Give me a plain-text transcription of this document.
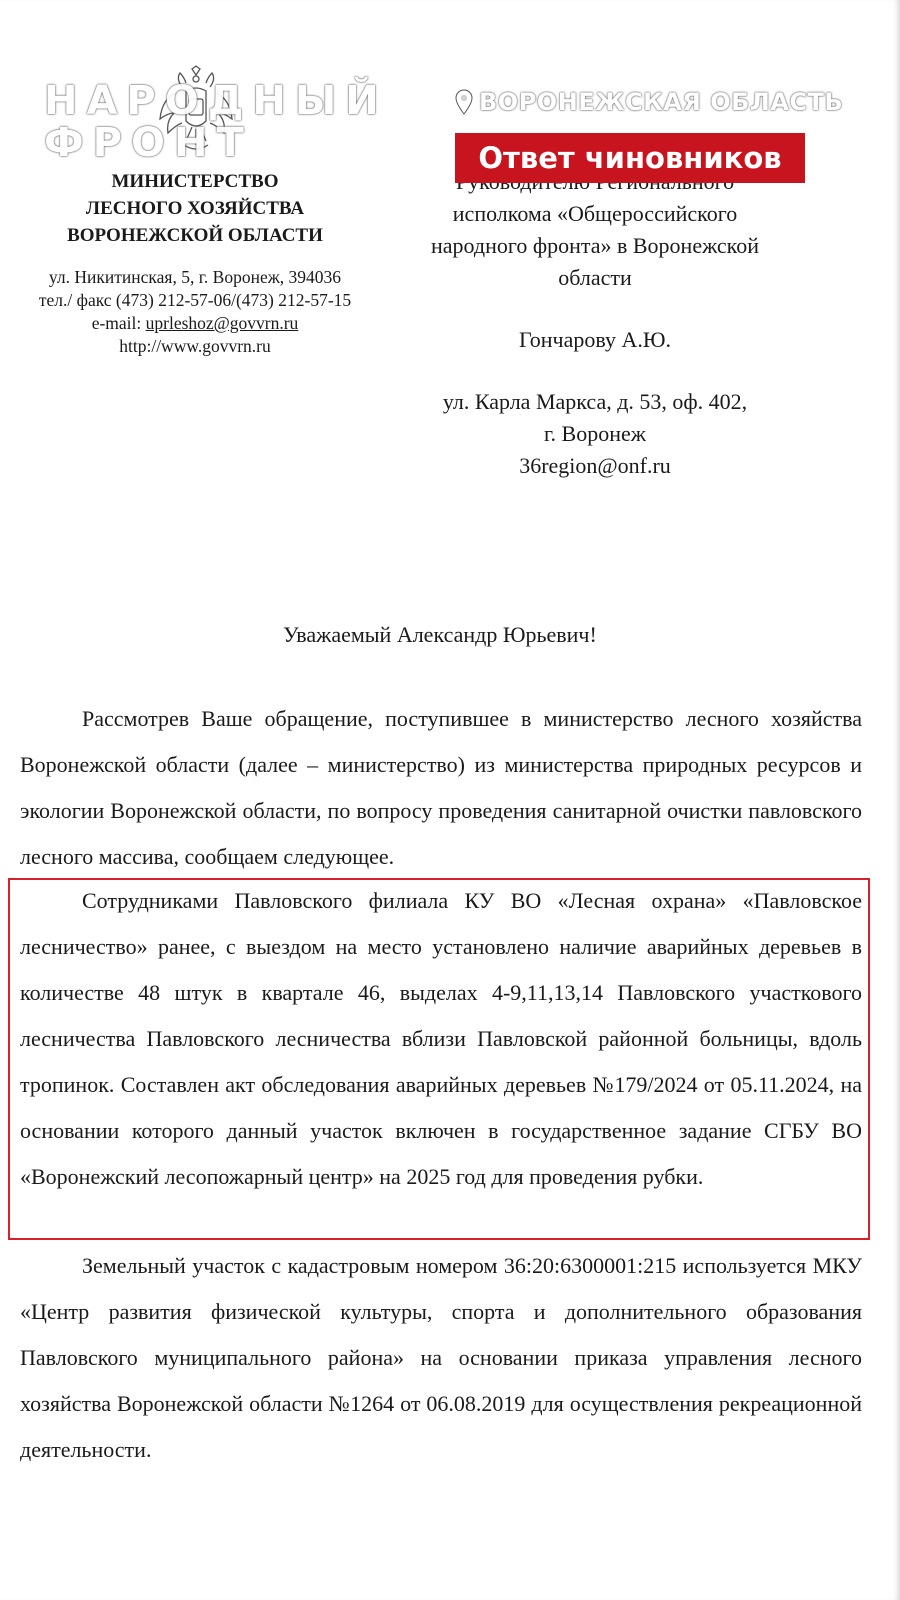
МИНИСТЕРСТВО
ЛЕСНОГО ХОЗЯЙСТВА
ВОРОНЕЖСКОЙ ОБЛАСТИ
ул. Никитинская, 5, г. Воронеж, 394036
тел./ факс (473) 212-57-06/(473) 212-57-15
e-mail: uprleshoz@govvrn.ru
http://www.govvrn.ru
исполкома «Общероссийского
народного фронта» в Воронежской
области
Гончарову А.Ю.
ул. Карла Маркса, д. 53, оф. 402,
г. Воронеж
36region@onf.ru
НАРОДНЫЙ
ФРОНТ
ВОРОНЕЖСКАЯ ОБЛАСТЬ
Ответ чиновников
Уважаемый Александр Юрьевич!
Рассмотрев Ваше обращение, поступившее в министерство лесного хозяйства Воронежской области (далее – министерство) из министерства природных ресурсов и экологии Воронежской области, по вопросу проведения санитарной очистки павловского лесного массива, сообщаем следующее.
Сотрудниками Павловского филиала КУ ВО «Лесная охрана» «Павловское лесничество» ранее, с выездом на место установлено наличие аварийных деревьев в количестве 48 штук в квартале 46, выделах 4-9,11,13,14 Павловского участкового лесничества Павловского лесничества вблизи Павловской районной больницы, вдоль тропинок. Составлен акт обследования аварийных деревьев №179/2024 от 05.11.2024, на основании которого данный участок включен в государственное задание СГБУ ВО «Воронежский лесопожарный центр» на 2025 год для проведения рубки.
Земельный участок с кадастровым номером 36:20:6300001:215 используется МКУ «Центр развития физической культуры, спорта и дополнительного образования Павловского муниципального района» на основании приказа управления лесного хозяйства Воронежской области №1264 от 06.08.2019 для осуществления рекреационной деятельности.
